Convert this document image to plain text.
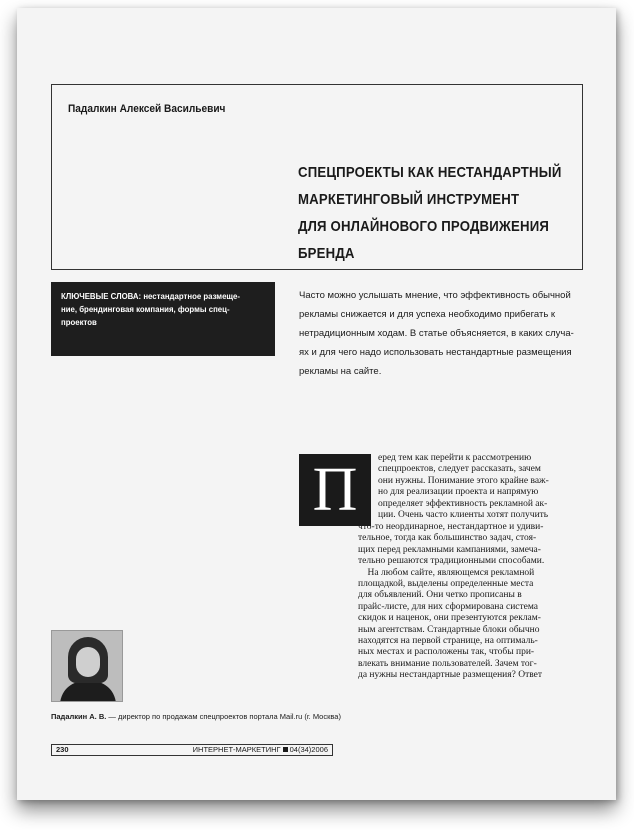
Падалкин Алексей Васильевич
СПЕЦПРОЕКТЫ КАК НЕСТАНДАРТНЫЙ
МАРКЕТИНГОВЫЙ ИНСТРУМЕНТ
ДЛЯ ОНЛАЙНОВОГО ПРОДВИЖЕНИЯ
БРЕНДА
КЛЮЧЕВЫЕ СЛОВА: нестандартное размеще-
ние, брендинговая компания, формы спец-
проектов
Часто можно услышать мнение, что эффективность обычной
рекламы снижается и для успеха необходимо прибегать к
нетрадиционным ходам. В статье объясняется, в каких случа-
ях и для чего надо использовать нестандартные размещения
рекламы на сайте.
П	еред тем как перейти к рассмотрению
спецпроектов, следует рассказать, зачем
они нужны. Понимание этого крайне важ-
но для реализации проекта и напрямую
определяет эффективность рекламной ак-
ции. Очень часто клиенты хотят получить
что-то неординарное, нестандартное и удиви-
тельное, тогда как большинство задач, стоя-
щих перед рекламными кампаниями, замеча-
тельно решаются традиционными способами.
На любом сайте, являющемся рекламной
площадкой, выделены определенные места
для объявлений. Они четко прописаны в
прайс-листе, для них сформирована система
скидок и наценок, они презентуются реклам-
ным агентствам. Стандартные блоки обычно
находятся на первой странице, на оптималь-
ных местах и расположены так, чтобы при-
влекать внимание пользователей. Зачем тог-
да нужны нестандартные размещения? Ответ
Падалкин А. В. — директор по продажам спецпроектов портала Mail.ru (г. Москва)
230	ИНТЕРНЕТ-МАРКЕТИНГ 04(34)2006
